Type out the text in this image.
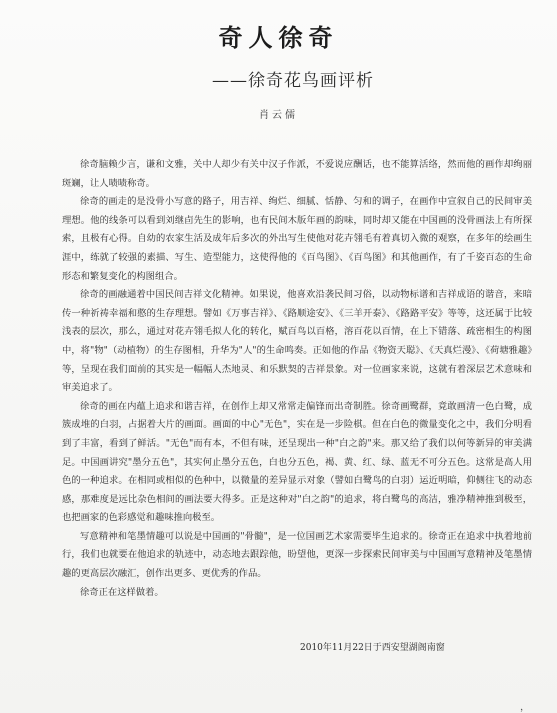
奇人徐奇
——徐奇花鸟画评析
肖云儒

徐奇脑赖少言，谦和文雅，关中人却少有关中汉子作派，不爱说应酬话，也不能算活络，然而他的画作却绚丽斑斓，让人啧啧称奇。

徐奇的画走的是没骨小写意的路子，用吉祥、绚烂、细腻、恬静、匀和的调子，在画作中宣叙自己的民间审美理想。他的线条可以看到刘继卣先生的影响，也有民间木版年画的韵味，同时却又能在中国画的没骨画法上有所探索，且极有心得。自幼的农家生活及成年后多次的外出写生使他对花卉翎毛有着真切入微的观察，在多年的绘画生涯中，练就了较强的素描、写生、造型能力，这使得他的《百鸟图》、《百鸟图》和其他画作，有了千姿百态的生命形态和繁复变化的构图组合。

徐奇的画融通着中国民间吉祥文化精神。如果说，他喜欢沿袭民间习俗，以动物标谱和吉祥成语的谐音，来暗传一种祈祷幸福和憨的生存理想。譬如《万事吉祥》、《路顺途安》、《三羊开泰》、《路路平安》等等，这还属于比较浅表的层次，那么，通过对花卉翎毛拟人化的转化，赋百鸟以百格，溶百花以百情，在上下错落、疏密相生的构图中，将"物"（动植物）的生存图相，升华为"人"的生命鸣奏。正如他的作品《物资天聪》、《天真烂漫》、《荷塘雅趣》等，呈现在我们面前的其实是一幅幅人杰地灵、和乐默契的吉祥景象。对一位画家来说，这就有着深层艺术意味和审美追求了。

徐奇的画在内蕴上追求和谐吉祥，在创作上却又常常走偏锋而出奇制胜。徐奇画鹭群，竟敢画清一色白鹭，成簇成堆的白羽，占据着大片的画面。画面的中心"无色"，实在是一步险棋。但在白色的微量变化之中，我们分明看到了丰富，看到了鲜活。"无色"而有本，不但有味，还呈现出一种"白之韵"来。那又给了我们以何等新异的审美满足。中国画讲究"墨分五色"，其实何止墨分五色，白也分五色，褐、黄、红、绿、蓝无不可分五色。这常是高人用色的一种追求。在相同或相似的色种中，以微量的差异显示对象（譬如白鹭鸟的白羽）运近明暗，仰侧往飞的动态感，那难度是远比杂色相间的画法要大得多。正是这种对"白之韵"的追求，将白鹭鸟的高洁，雅净精神推到极至，也把画家的色彩感觉和趣味推向极至。

写意精神和笔墨情趣可以说是中国画的"骨髓"，是一位国画艺术家需要毕生追求的。徐奇正在追求中执着地前行，我们也就要在他追求的轨迹中，动态地去跟踪他，盼望他，更深一步探索民间审美与中国画写意精神及笔墨情趣的更高层次融汇，创作出更多、更优秀的作品。

徐奇正在这样做着。

2010年11月22日于西安望湖阁南窗
，
